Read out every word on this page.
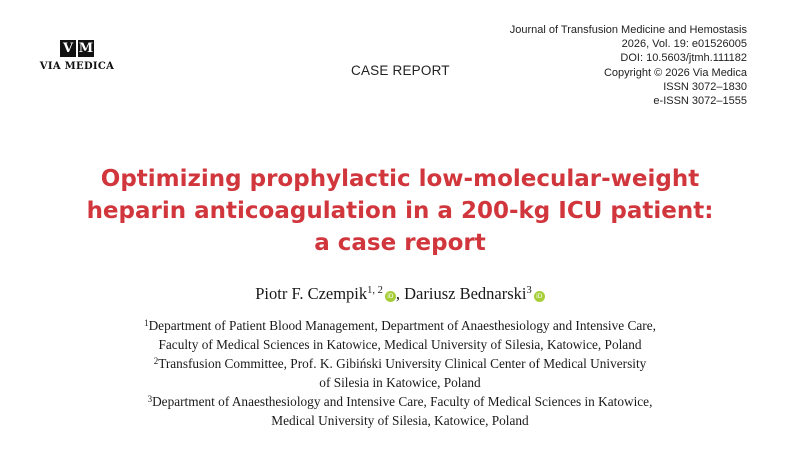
V M
VIA MEDICA	CASE REPORT
Journal of Transfusion Medicine and Hemostasis
2026, Vol. 19: e01526005
DOI: 10.5603/jtmh.111182
Copyright © 2026 Via Medica
ISSN 3072–1830
e-ISSN 3072–1555
Optimizing prophylactic low-molecular-weight
heparin anticoagulation in a 200-kg ICU patient:
a case report
Piotr F. Czempik$^{1, 2}$iD , Dariusz Bednarski$^3$iD
$^1$Department of Patient Blood Management, Department of Anaesthesiology and Intensive Care,
Faculty of Medical Sciences in Katowice, Medical University of Silesia, Katowice, Poland
$^2$Transfusion Committee, Prof. K. Gibiński University Clinical Center of Medical University
of Silesia in Katowice, Poland
$^3$Department of Anaesthesiology and Intensive Care, Faculty of Medical Sciences in Katowice,
Medical University of Silesia, Katowice, Poland
